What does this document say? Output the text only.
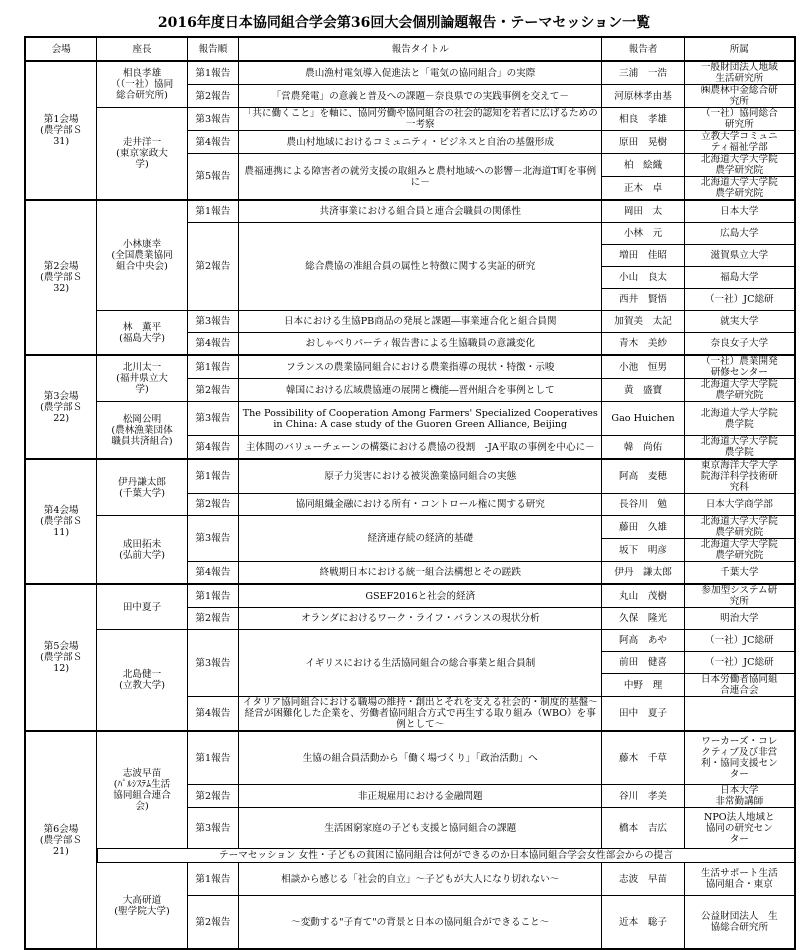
2016年度日本協同組合学会第36回大会個別論題報告・テーマセッション一覧
会場	座長	報告順	報告タイトル	報告者	所属
第1会場
(農学部Ｓ
31)	相良孝雄
（（一社）協同
総合研究所)	第1報告	農山漁村電気導入促進法と「電気の協同組合」の実際	三浦　一浩	一般財団法人地域
生活研究所
		第2報告	「営農発電」の意義と普及への課題－奈良県での実践事例を交えて－	河原林孝由基	㈱農林中金総合研
究所
	走井洋一
(東京家政大
学)	第3報告	「共に働くこと」を軸に、協同労働や協同組合の社会的認知を若者に広げるための一考察	相良　孝雄	（一社）協同総合
研究所
		第4報告	農山村地域におけるコミュニティ・ビジネスと自治の基盤形成	原田　晃樹	立教大学コミュニ
ティ福祉学部
		第5報告	農福連携による障害者の就労支援の取組みと農村地域への影響－北海道T町を事例に－	柏　絵織	北海道大学大学院
農学研究院
				正木　卓	北海道大学大学院
農学研究院
第2会場
(農学部Ｓ
32)	小林康幸
(全国農業協同
組合中央会)	第1報告	共済事業における組合員と連合会職員の関係性	岡田　太	日本大学
		第2報告	総合農協の准組合員の属性と特徴に関する実証的研究	小林　元	広島大学
				増田　佳昭	滋賀県立大学
				小山　良太	福島大学
				西井　賢悟	（一社）JC総研
	林　薫平
(福島大学)	第3報告	日本における生協PB商品の発展と課題―事業連合化と組合員関	加賀美　太記	就実大学
		第4報告	おしゃべりパーティ報告書による生協職員の意識変化	青木　美紗	奈良女子大学
第3会場
(農学部Ｓ
22)	北川太一
(福井県立大
学)	第1報告	フランスの農業協同組合における農業指導の現状・特徴・示唆	小池　恒男	（一社）農業開発
研修センター
		第2報告	韓国における広域農協連の展開と機能―晋州組合を事例として	黄　盛寶	北海道大学大学院
農学研究院
	松岡公明
(農林漁業団体
職員共済組合)	第3報告	The Possibility of Cooperation Among Farmers' Specialized Cooperatives in China: A case study of the Guoren Green Alliance, Beijing	Gao Huichen	北海道大学大学院
農学院
		第4報告	主体間のバリューチェーンの構築における農協の役割　-JA平取の事例を中心に－	韓　尚佑	北海道大学大学院
農学院
第4会場
(農学部Ｓ
11)	伊丹謙太郎
(千葉大学)	第1報告	原子力災害における被災漁業協同組合の実態	阿高　麦穂	東京海洋大学大学
院海洋科学技術研
究科
		第2報告	協同組織金融における所有・コントロール権に関する研究	長谷川　勉	日本大学商学部
	成田拓未
(弘前大学)	第3報告	経済連存続の経済的基礎	藤田　久雄	北海道大学大学院
農学研究院
				坂下　明彦	北海道大学大学院
農学研究院
		第4報告	終戦期日本における統一組合法構想とその蹉跌	伊丹　謙太郎	千葉大学
第5会場
(農学部Ｓ
12)	田中夏子	第1報告	GSEF2016と社会的経済	丸山　茂樹	参加型システム研
究所
		第2報告	オランダにおけるワーク・ライフ・バランスの現状分析	久保　隆光	明治大学
	北島健一
(立教大学)	第3報告	イギリスにおける生活協同組合の総合事業と組合員制	阿高　あや	（一社）JC総研
				前田　健喜	（一社）JC総研
				中野　理	日本労働者協同組
合連合会
		第4報告	イタリア協同組合における職場の維持・創出とそれを支える社会的・制度的基盤～経営が困難化した企業を、労働者協同組合方式で再生する取り組み（WBO）を事例として～	田中　夏子	

第6会場
(農学部Ｓ
21)	志波早苗
(ﾊﾟﾙｼｽﾃﾑ生活
協同組合連合
会)	第1報告	生協の組合員活動から「働く場づくり」「政治活動」へ	藤木　千草	ワーカーズ・コレ
クティブ及び非営
利・協同支援セン
ター
		第2報告	非正規雇用における金融問題	谷川　孝美	日本大学
非常勤講師
		第3報告	生活困窮家庭の子ども支援と協同組合の課題	橋本　吉広	NPO法人地域と
協同の研究セン
ター
	テーマセッション 女性・子どもの貧困に協同組合は何ができるのか日本協同組合学会女性部会からの提言				
	大高研道
(聖学院大学)	第1報告	相談から感じる「社会的自立」～子どもが大人になり切れない～	志波　早苗	生活サポート生活
協同組合・東京
		第2報告	～変動する"子育て"の背景と日本の協同組合ができること～	近本　聡子	公益財団法人　生
協総合研究所
